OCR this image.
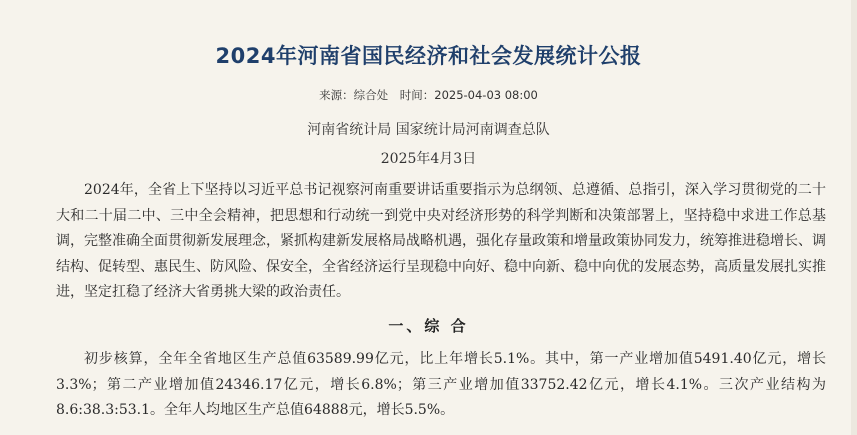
2024年河南省国民经济和社会发展统计公报
来源：综合处 时间：2025-04-03 08:00
河南省统计局 国家统计局河南调查总队
2025年4月3日

2024年，全省上下坚持以习近平总书记视察河南重要讲话重要指示为总纲领、总遵循、总指引，深入学习贯彻党的二十大和二十届二中、三中全会精神，把思想和行动统一到党中央对经济形势的科学判断和决策部署上，坚持稳中求进工作总基调，完整准确全面贯彻新发展理念，紧抓构建新发展格局战略机遇，强化存量政策和增量政策协同发力，统筹推进稳增长、调结构、促转型、惠民生、防风险、保安全，全省经济运行呈现稳中向好、稳中向新、稳中向优的发展态势，高质量发展扎实推进，坚定扛稳了经济大省勇挑大梁的政治责任。

一、综 合

初步核算，全年全省地区生产总值63589.99亿元，比上年增长5.1%。其中，第一产业增加值5491.40亿元，增长3.3%；第二产业增加值24346.17亿元，增长6.8%；第三产业增加值33752.42亿元，增长4.1%。三次产业结构为8.6:38.3:53.1。全年人均地区生产总值64888元，增长5.5%。
